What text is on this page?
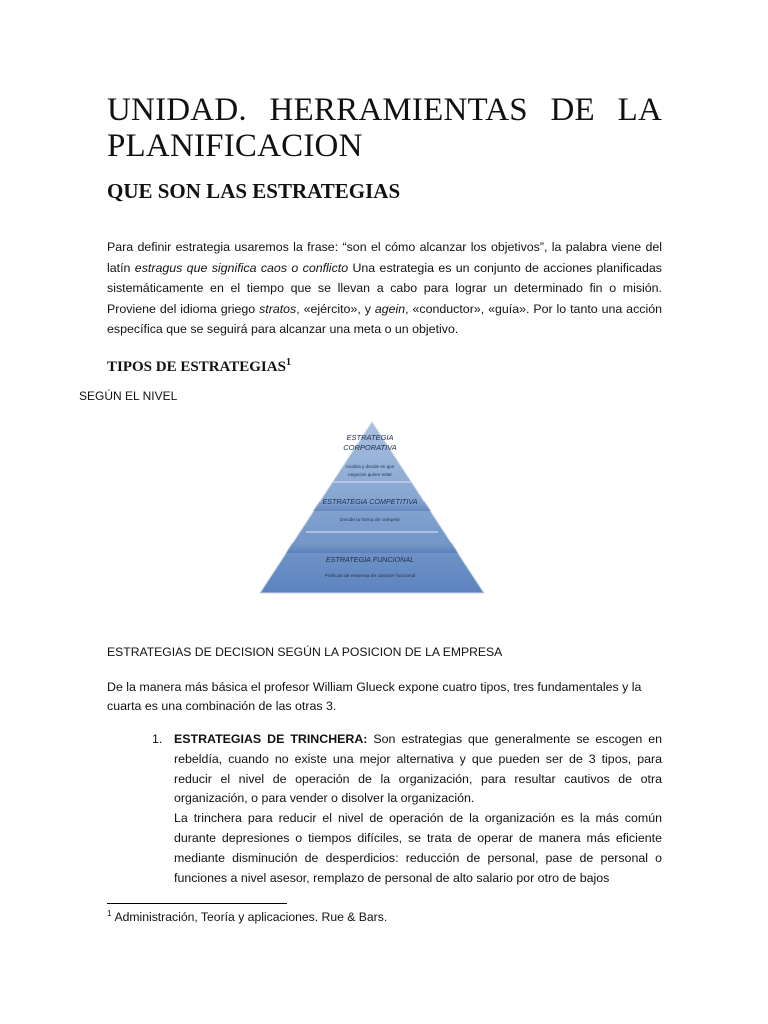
UNIDAD. HERRAMIENTAS DE LA
PLANIFICACION
QUE SON LAS ESTRATEGIAS

Para definir estrategia usaremos la frase: “son el cómo alcanzar los objetivos”, la palabra viene del latín estragus que significa caos o conflicto Una estrategia es un conjunto de acciones planificadas sistemáticamente en el tiempo que se llevan a cabo para lograr un determinado fin o misión. Proviene del idioma griego stratos, «ejército», y agein, «conductor», «guía». Por lo tanto una acción específica que se seguirá para alcanzar una meta o un objetivo.

TIPOS DE ESTRATEGIAS$^1$

SEGÚN EL NIVEL

ESTRATEGIA
CORPORATIVA
Analiza y decide en que
negocios quiere estar
ESTRATEGIA COMPETITIVA
Decide la forma de competir
ESTRATEGIA FUNCIONAL
Políticas de empresa de carácter funcional

ESTRATEGIAS DE DECISION SEGÚN LA POSICION DE LA EMPRESA

De la manera más básica el profesor William Glueck expone cuatro tipos, tres fundamentales y la cuarta es una combinación de las otras 3.

1. ESTRATEGIAS DE TRINCHERA: Son estrategias que generalmente se escogen en rebeldía, cuando no existe una mejor alternativa y que pueden ser de 3 tipos, para reducir el nivel de operación de la organización, para resultar cautivos de otra organización, o para vender o disolver la organización.

La trinchera para reducir el nivel de operación de la organización es la más común durante depresiones o tiempos difíciles, se trata de operar de manera más eficiente mediante disminución de desperdicios: reducción de personal, pase de personal o funciones a nivel asesor, remplazo de personal de alto salario por otro de bajos

$^1$ Administración, Teoría y aplicaciones. Rue & Bars.
